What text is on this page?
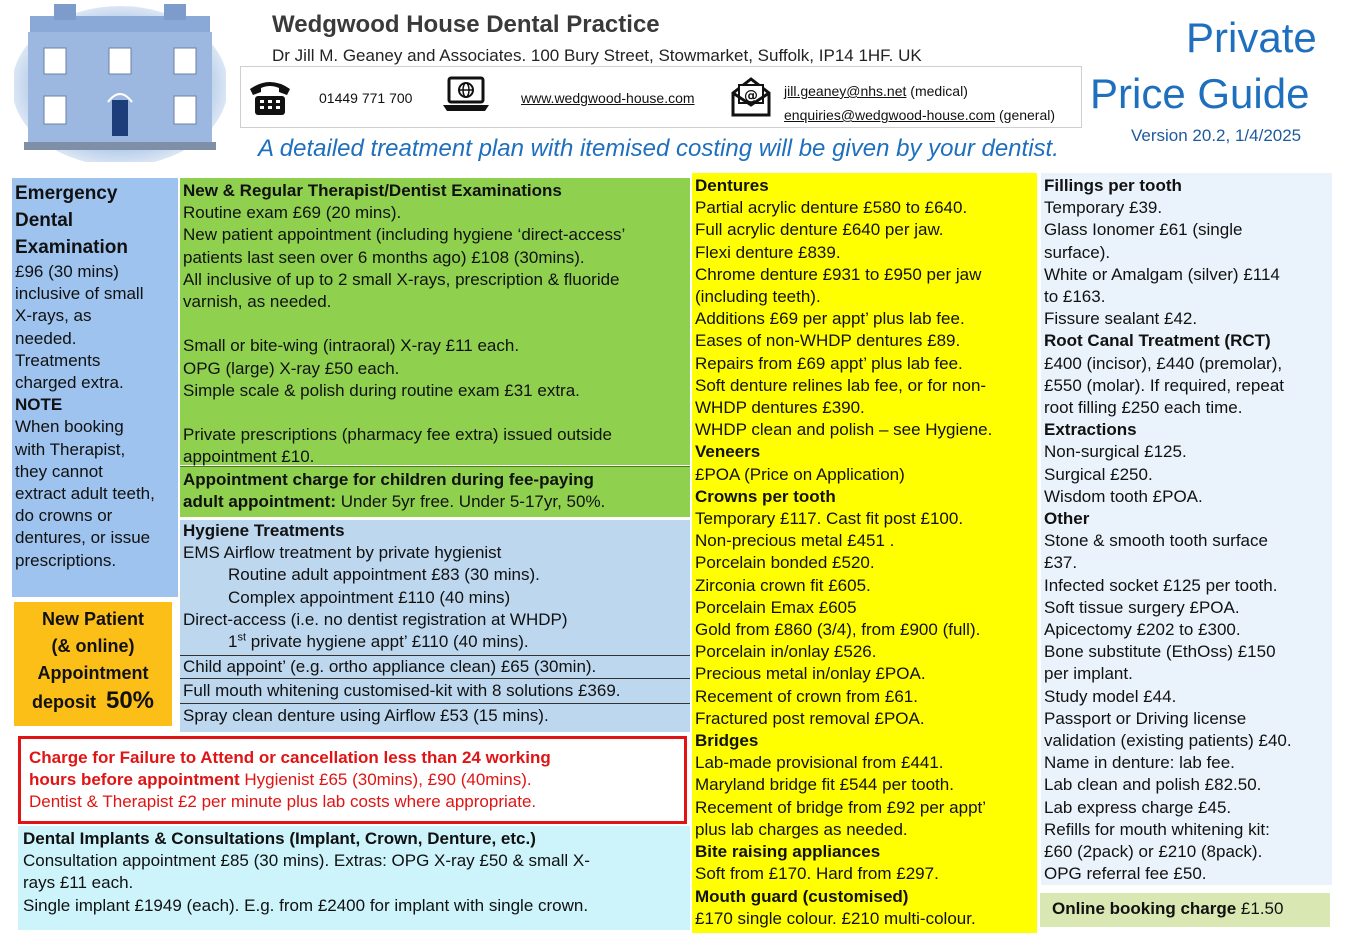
Wedgwood House Dental Practice
Dr Jill M. Geaney and Associates. 100 Bury Street, Stowmarket, Suffolk, IP14 1HF. UK
01449 771 700	www.wedgwood-house.com	@ jill.geaney@nhs.net (medical)
enquiries@wedgwood-house.com (general)
Private
Price Guide
Version 20.2, 1/4/2025
A detailed treatment plan with itemised costing will be given by your dentist.
Emergency
Dental
Examination
£96 (30 mins)
inclusive of small
X-rays, as
needed.
Treatments
charged extra.
NOTE
When booking
with Therapist,
they cannot
extract adult teeth,
do crowns or
dentures, or issue
prescriptions.
New Patient
(& online)
Appointment
deposit 50%
New & Regular Therapist/Dentist Examinations
Routine exam £69 (20 mins).
New patient appointment (including hygiene ‘direct-access’
patients last seen over 6 months ago) £108 (30mins).
All inclusive of up to 2 small X-rays, prescription & fluoride
varnish, as needed.
Small or bite-wing (intraoral) X-ray £11 each.
OPG (large) X-ray £50 each.
Simple scale & polish during routine exam £31 extra.
Private prescriptions (pharmacy fee extra) issued outside
appointment £10.
Appointment charge for children during fee-paying
adult appointment: Under 5yr free. Under 5-17yr, 50%.
Hygiene Treatments
EMS Airflow treatment by private hygienist
Routine adult appointment £83 (30 mins).
Complex appointment £110 (40 mins)
Direct-access (i.e. no dentist registration at WHDP)
1st private hygiene appt’ £110 (40 mins).
Child appoint’ (e.g. ortho appliance clean) £65 (30min).
Full mouth whitening customised-kit with 8 solutions £369.
Spray clean denture using Airflow £53 (15 mins).
Charge for Failure to Attend or cancellation less than 24 working
hours before appointment Hygienist £65 (30mins), £90 (40mins).
Dentist & Therapist £2 per minute plus lab costs where appropriate.
Dental Implants & Consultations (Implant, Crown, Denture, etc.)
Consultation appointment £85 (30 mins). Extras: OPG X-ray £50 & small X-
rays £11 each.
Single implant £1949 (each). E.g. from £2400 for implant with single crown.
Dentures
Partial acrylic denture £580 to £640.
Full acrylic denture £640 per jaw.
Flexi denture £839.
Chrome denture £931 to £950 per jaw
(including teeth).
Additions £69 per appt’ plus lab fee.
Eases of non-WHDP dentures £89.
Repairs from £69 appt’ plus lab fee.
Soft denture relines lab fee, or for non-
WHDP dentures £390.
WHDP clean and polish – see Hygiene.
Veneers
£POA (Price on Application)
Crowns per tooth
Temporary £117. Cast fit post £100.
Non-precious metal £451 .
Porcelain bonded £520.
Zirconia crown fit £605.
Porcelain Emax £605
Gold from £860 (3/4), from £900 (full).
Porcelain in/onlay £526.
Precious metal in/onlay £POA.
Recement of crown from £61.
Fractured post removal £POA.
Bridges
Lab-made provisional from £441.
Maryland bridge fit £544 per tooth.
Recement of bridge from £92 per appt’
plus lab charges as needed.
Bite raising appliances
Soft from £170. Hard from £297.
Mouth guard (customised)
£170 single colour. £210 multi-colour.
Fillings per tooth
Temporary £39.
Glass Ionomer £61 (single
surface).
White or Amalgam (silver) £114
to £163.
Fissure sealant £42.
Root Canal Treatment (RCT)
£400 (incisor), £440 (premolar),
£550 (molar). If required, repeat
root filling £250 each time.
Extractions
Non-surgical £125.
Surgical £250.
Wisdom tooth £POA.
Other
Stone & smooth tooth surface
£37.
Infected socket £125 per tooth.
Soft tissue surgery £POA.
Apicectomy £202 to £300.
Bone substitute (EthOss) £150
per implant.
Study model £44.
Passport or Driving license
validation (existing patients) £40.
Name in denture: lab fee.
Lab clean and polish £82.50.
Lab express charge £45.
Refills for mouth whitening kit:
£60 (2pack) or £210 (8pack).
OPG referral fee £50.
Online booking charge £1.50
